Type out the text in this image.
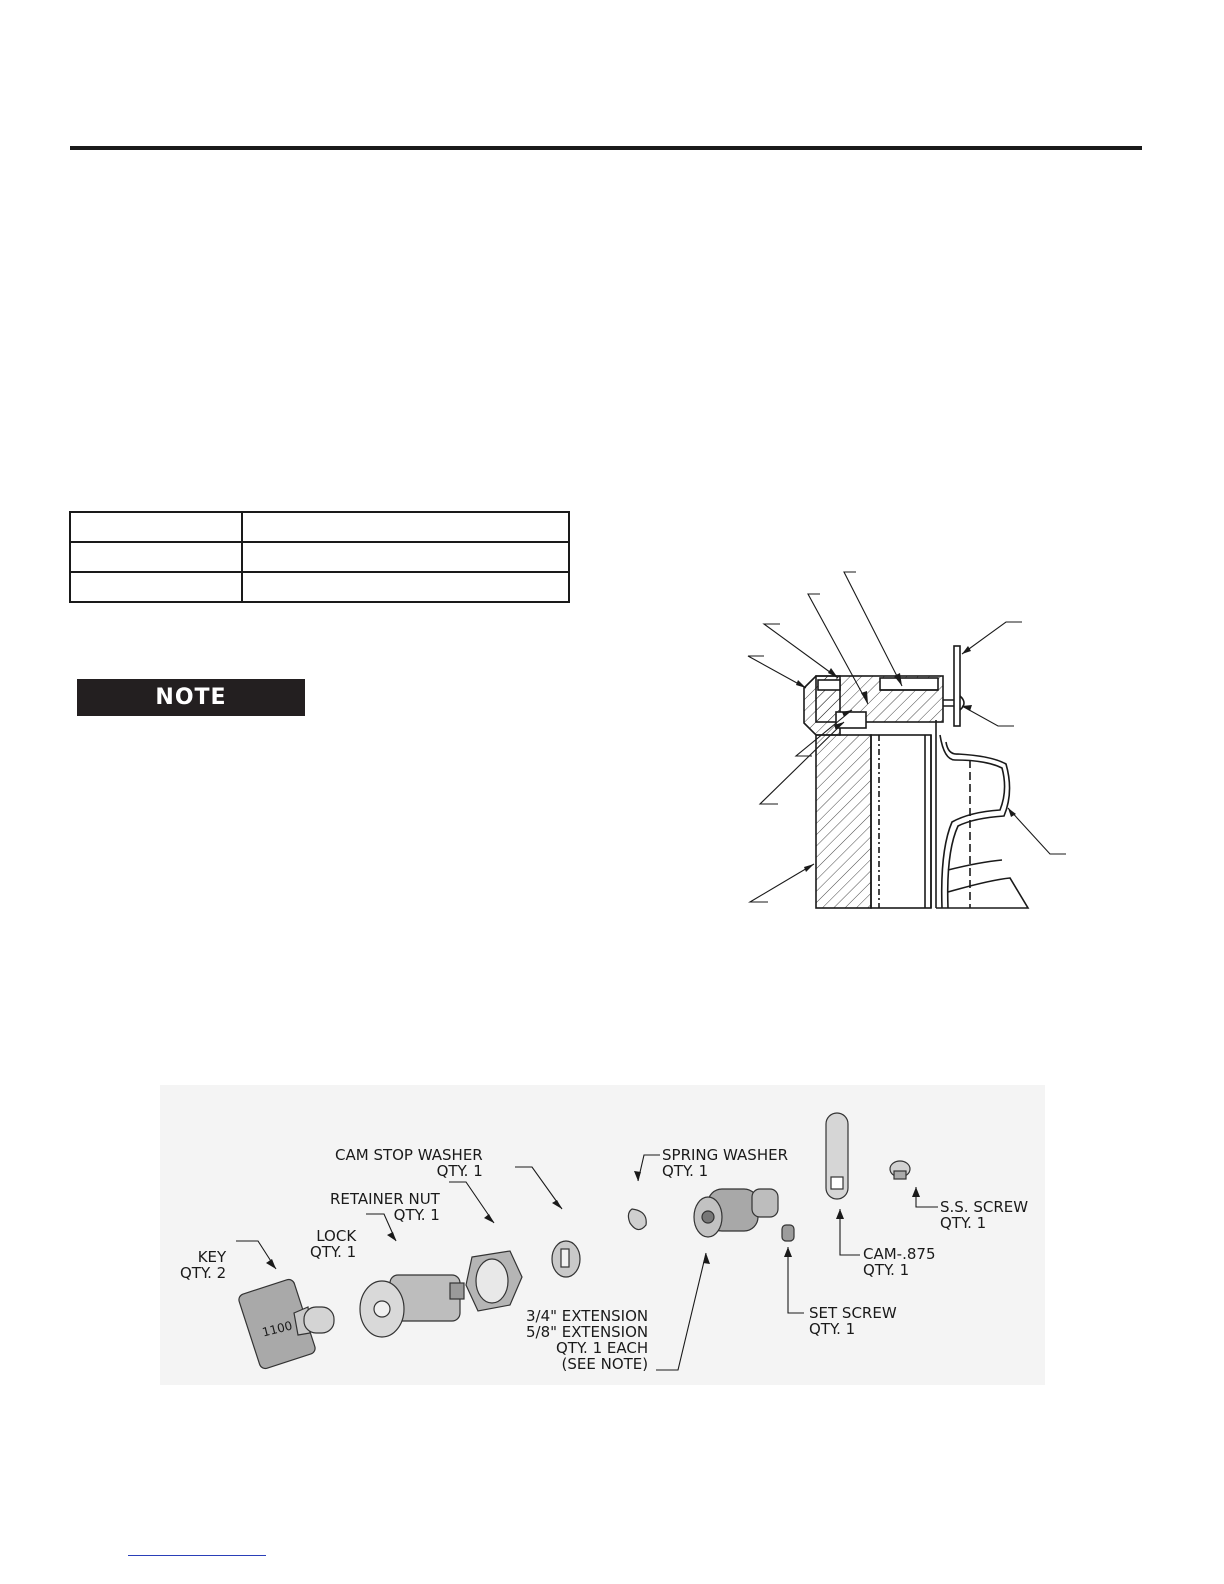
NOTE
CAM STOP WASHER
QTY. 1
SPRING WASHER
QTY. 1
RETAINER NUT
QTY. 1
LOCK
QTY. 1
KEY
QTY. 2
3/4" EXTENSION
5/8" EXTENSION
QTY. 1 EACH
(SEE NOTE)
S.S. SCREW
QTY. 1
CAM-.875
QTY. 1
SET SCREW
QTY. 1
1100
